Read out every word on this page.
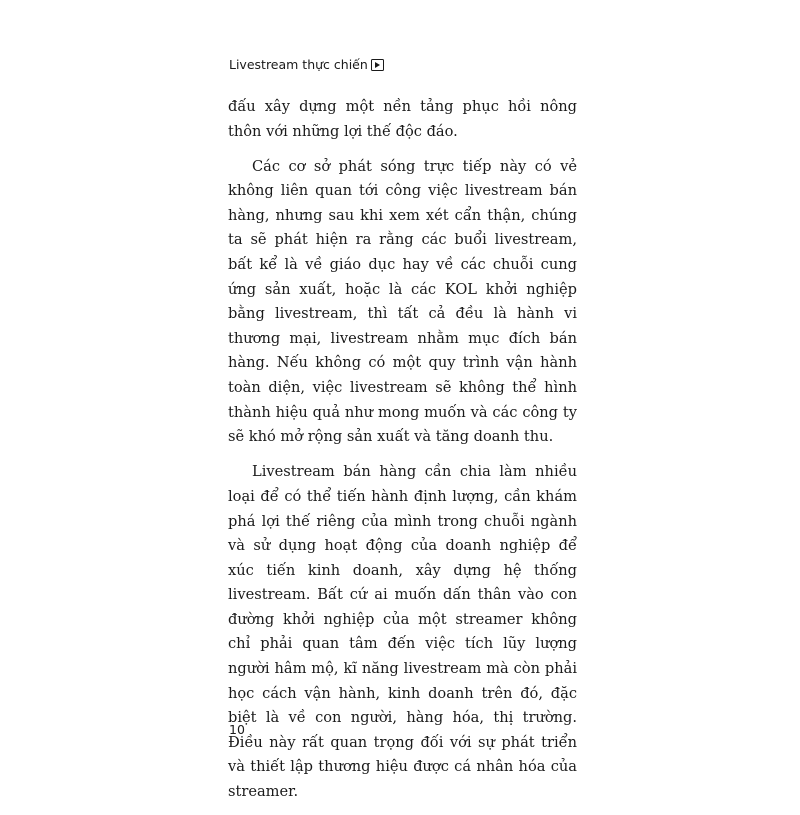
Livestream thực chiến

đấu xây dựng một nền tảng phục hồi nông thôn với những lợi thế độc đáo.

Các cơ sở phát sóng trực tiếp này có vẻ không liên quan tới công việc livestream bán hàng, nhưng sau khi xem xét cẩn thận, chúng ta sẽ phát hiện ra rằng các buổi livestream, bất kể là về giáo dục hay về các chuỗi cung ứng sản xuất, hoặc là các KOL khởi nghiệp bằng livestream, thì tất cả đều là hành vi thương mại, livestream nhằm mục đích bán hàng. Nếu không có một quy trình vận hành toàn diện, việc livestream sẽ không thể hình thành hiệu quả như mong muốn và các công ty sẽ khó mở rộng sản xuất và tăng doanh thu.

Livestream bán hàng cần chia làm nhiều loại để có thể tiến hành định lượng, cần khám phá lợi thế riêng của mình trong chuỗi ngành và sử dụng hoạt động của doanh nghiệp để xúc tiến kinh doanh, xây dựng hệ thống livestream. Bất cứ ai muốn dấn thân vào con đường khởi nghiệp của một streamer không chỉ phải quan tâm đến việc tích lũy lượng người hâm mộ, kĩ năng livestream mà còn phải học cách vận hành, kinh doanh trên đó, đặc biệt là về con người, hàng hóa, thị trường. Điều này rất quan trọng đối với sự phát triển và thiết lập thương hiệu được cá nhân hóa của streamer.

10
